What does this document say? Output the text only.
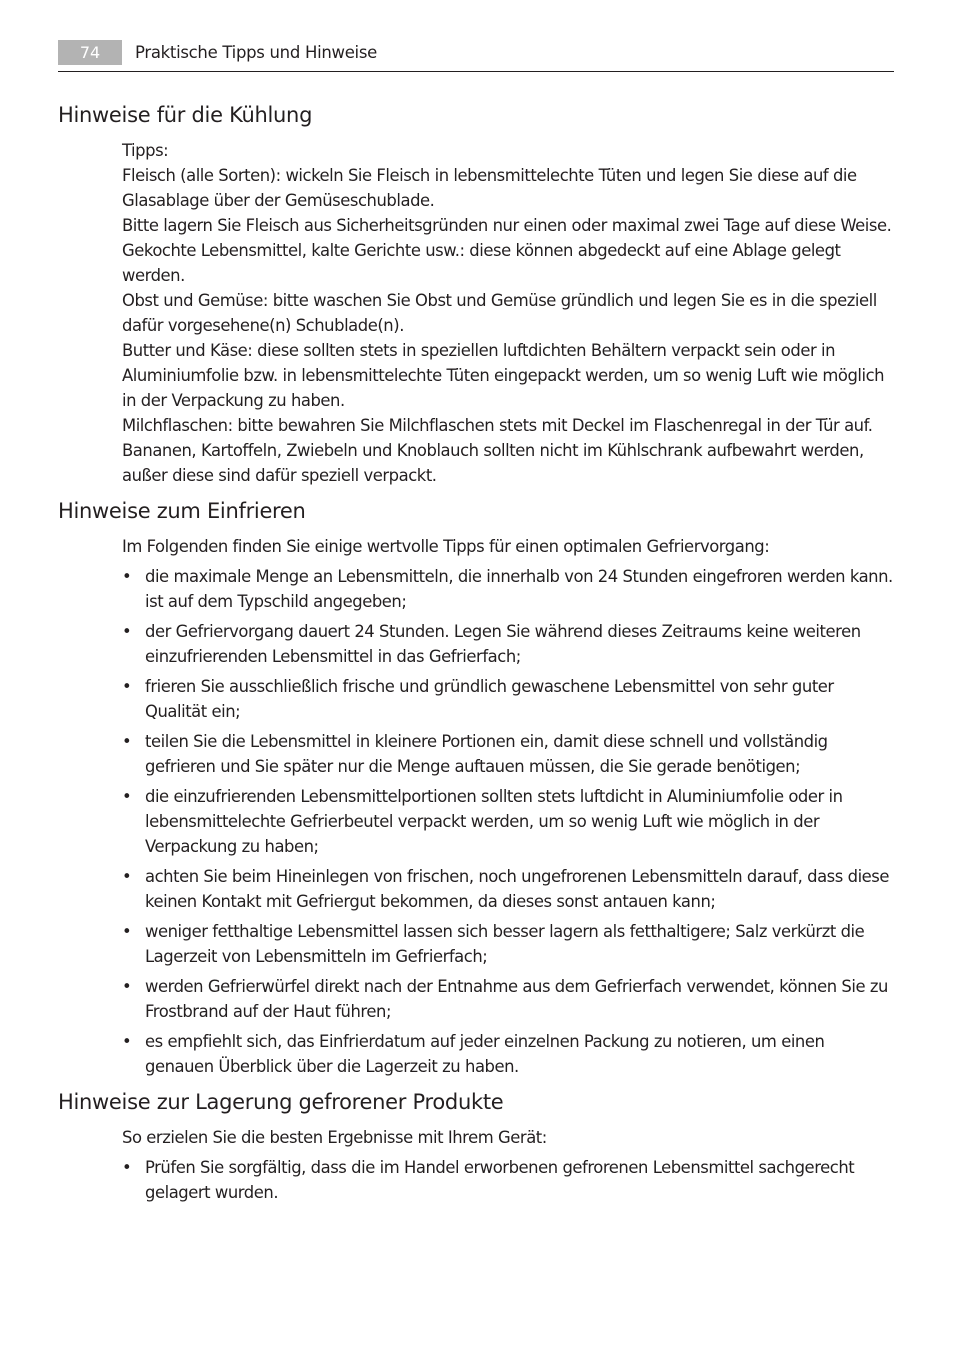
74	Praktische Tipps und Hinweise
Hinweise für die Kühlung

Tipps:

Fleisch (alle Sorten): wickeln Sie Fleisch in lebensmittelechte Tüten und legen Sie diese auf die Glasablage über der Gemüseschublade.

Bitte lagern Sie Fleisch aus Sicherheitsgründen nur einen oder maximal zwei Tage auf diese Weise.

Gekochte Lebensmittel, kalte Gerichte usw.: diese können abgedeckt auf eine Ablage gelegt werden.

Obst und Gemüse: bitte waschen Sie Obst und Gemüse gründlich und legen Sie es in die speziell dafür vorgesehene(n) Schublade(n).

Butter und Käse: diese sollten stets in speziellen luftdichten Behältern verpackt sein oder in Aluminiumfolie bzw. in lebensmittelechte Tüten eingepackt werden, um so wenig Luft wie möglich in der Verpackung zu haben.

Milchflaschen: bitte bewahren Sie Milchflaschen stets mit Deckel im Flaschenregal in der Tür auf.

Bananen, Kartoffeln, Zwiebeln und Knoblauch sollten nicht im Kühlschrank aufbewahrt werden, außer diese sind dafür speziell verpackt.

Hinweise zum Einfrieren
Im Folgenden finden Sie einige wertvolle Tipps für einen optimalen Gefriervorgang:
• die maximale Menge an Lebensmitteln, die innerhalb von 24 Stunden eingefroren werden kann. ist auf dem Typschild angegeben;
• der Gefriervorgang dauert 24 Stunden. Legen Sie während dieses Zeitraums keine weiteren einzufrierenden Lebensmittel in das Gefrierfach;
• frieren Sie ausschließlich frische und gründlich gewaschene Lebensmittel von sehr guter Qualität ein;
• teilen Sie die Lebensmittel in kleinere Portionen ein, damit diese schnell und vollständig gefrieren und Sie später nur die Menge auftauen müssen, die Sie gerade benötigen;
• die einzufrierenden Lebensmittelportionen sollten stets luftdicht in Aluminiumfolie oder in lebensmittelechte Gefrierbeutel verpackt werden, um so wenig Luft wie möglich in der Verpackung zu haben;
• achten Sie beim Hineinlegen von frischen, noch ungefrorenen Lebensmitteln darauf, dass diese keinen Kontakt mit Gefriergut bekommen, da dieses sonst antauen kann;
• weniger fetthaltige Lebensmittel lassen sich besser lagern als fetthaltigere; Salz verkürzt die Lagerzeit von Lebensmitteln im Gefrierfach;
• werden Gefrierwürfel direkt nach der Entnahme aus dem Gefrierfach verwendet, können Sie zu Frostbrand auf der Haut führen;
• es empfiehlt sich, das Einfrierdatum auf jeder einzelnen Packung zu notieren, um einen genauen Überblick über die Lagerzeit zu haben.
Hinweise zur Lagerung gefrorener Produkte
So erzielen Sie die besten Ergebnisse mit Ihrem Gerät:
• Prüfen Sie sorgfältig, dass die im Handel erworbenen gefrorenen Lebensmittel sachgerecht gelagert wurden.
